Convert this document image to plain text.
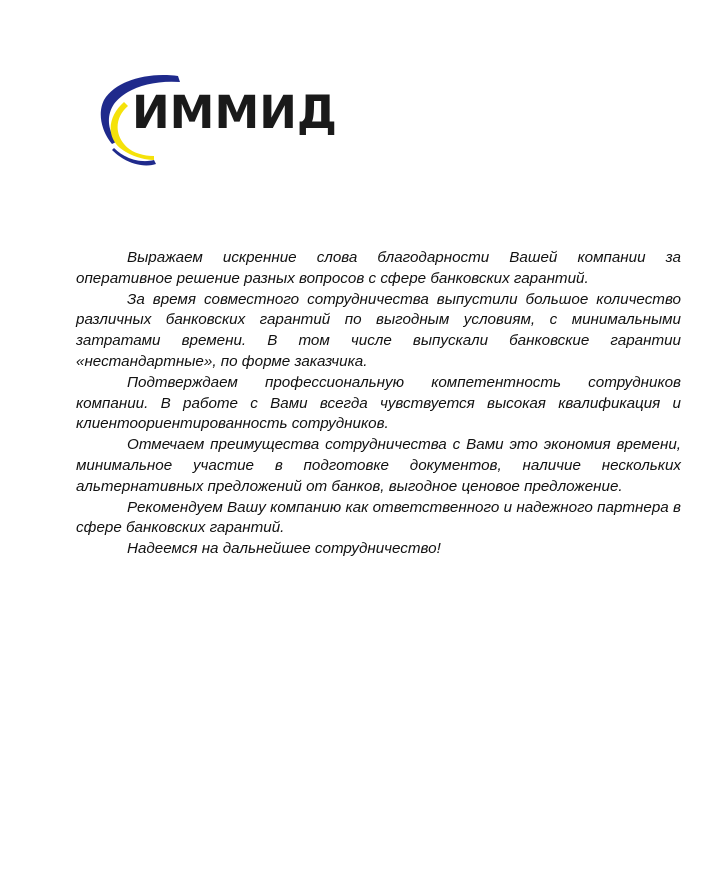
ИММИД

Выражаем искренние слова благодарности Вашей компании за оперативное решение разных вопросов с сфере банковских гарантий.

За время совместного сотрудничества выпустили большое количество различных банковских гарантий по выгодным условиям, с минимальными затратами времени. В том числе выпускали банковские гарантии «нестандартные», по форме заказчика.

Подтверждаем профессиональную компетентность сотрудников компании. В работе с Вами всегда чувствуется высокая квалификация и клиентоориентированность сотрудников.

Отмечаем преимущества сотрудничества с Вами это экономия времени, минимальное участие в подготовке документов, наличие нескольких альтернативных предложений от банков, выгодное ценовое предложение.

Рекомендуем Вашу компанию как ответственного и надежного партнера в сфере банковских гарантий.

Надеемся на дальнейшее сотрудничество!
